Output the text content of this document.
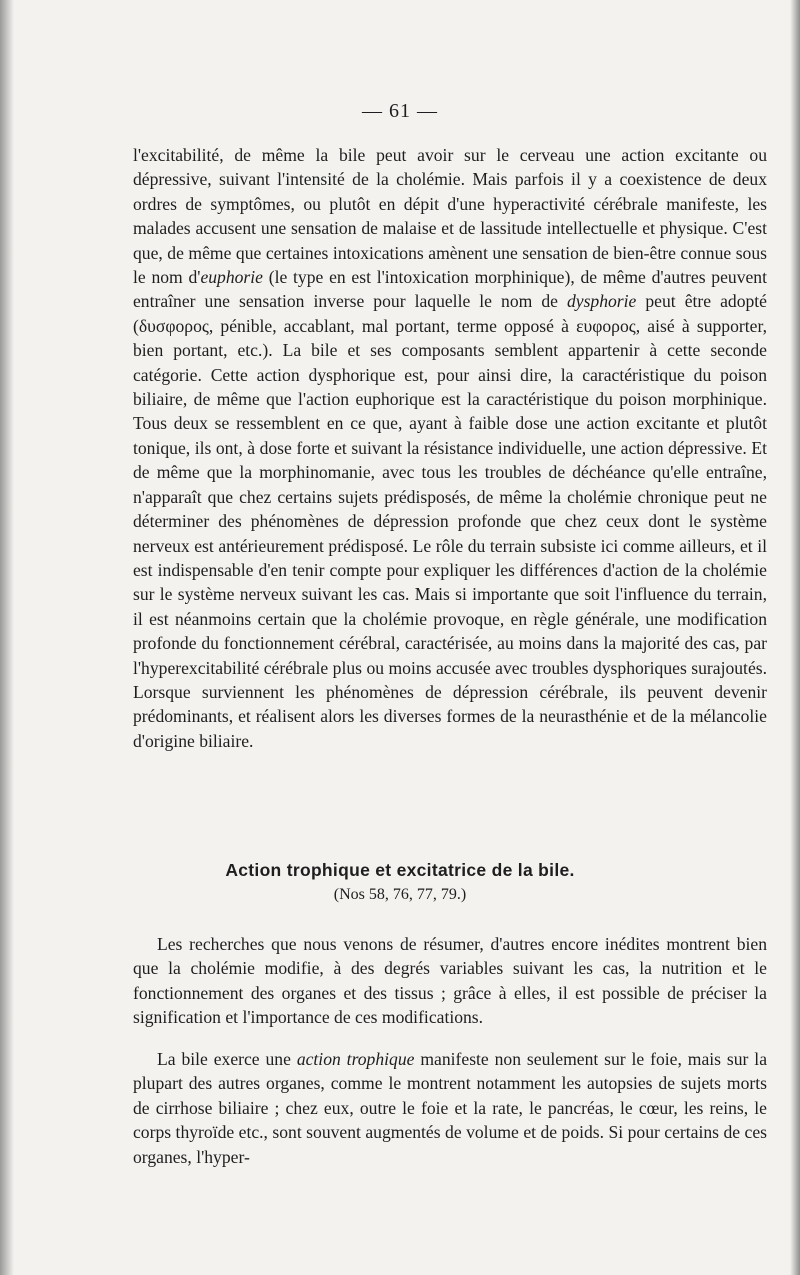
— 61 —

l'excitabilité, de même la bile peut avoir sur le cerveau une action excitante ou dépressive, suivant l'intensité de la cholémie. Mais parfois il y a coexistence de deux ordres de symptômes, ou plutôt en dépit d'une hyperactivité cérébrale manifeste, les malades accusent une sensation de malaise et de lassitude intellectuelle et physique. C'est que, de même que certaines intoxications amènent une sensation de bien-être connue sous le nom d'euphorie (le type en est l'intoxication morphinique), de même d'autres peuvent entraîner une sensation inverse pour laquelle le nom de dysphorie peut être adopté (δυσφορος, pénible, accablant, mal portant, terme opposé à ευφορος, aisé à supporter, bien portant, etc.). La bile et ses composants semblent appartenir à cette seconde catégorie. Cette action dysphorique est, pour ainsi dire, la caractéristique du poison biliaire, de même que l'action euphorique est la caractéristique du poison morphinique. Tous deux se ressemblent en ce que, ayant à faible dose une action excitante et plutôt tonique, ils ont, à dose forte et suivant la résistance individuelle, une action dépressive. Et de même que la morphinomanie, avec tous les troubles de déchéance qu'elle entraîne, n'apparaît que chez certains sujets prédisposés, de même la cholémie chronique peut ne déterminer des phénomènes de dépression profonde que chez ceux dont le système nerveux est antérieurement prédisposé. Le rôle du terrain subsiste ici comme ailleurs, et il est indispensable d'en tenir compte pour expliquer les différences d'action de la cholémie sur le système nerveux suivant les cas. Mais si importante que soit l'influence du terrain, il est néanmoins certain que la cholémie provoque, en règle générale, une modification profonde du fonctionnement cérébral, caractérisée, au moins dans la majorité des cas, par l'hyperexcitabilité cérébrale plus ou moins accusée avec troubles dysphoriques surajoutés. Lorsque surviennent les phénomènes de dépression cérébrale, ils peuvent devenir prédominants, et réalisent alors les diverses formes de la neurasthénie et de la mélancolie d'origine biliaire.

Action trophique et excitatrice de la bile.
(Nos 58, 76, 77, 79.)

Les recherches que nous venons de résumer, d'autres encore inédites montrent bien que la cholémie modifie, à des degrés variables suivant les cas, la nutrition et le fonctionnement des organes et des tissus ; grâce à elles, il est possible de préciser la signification et l'importance de ces modifications.

La bile exerce une action trophique manifeste non seulement sur le foie, mais sur la plupart des autres organes, comme le montrent notamment les autopsies de sujets morts de cirrhose biliaire ; chez eux, outre le foie et la rate, le pancréas, le cœur, les reins, le corps thyroïde etc., sont souvent augmentés de volume et de poids. Si pour certains de ces organes, l'hyper-
